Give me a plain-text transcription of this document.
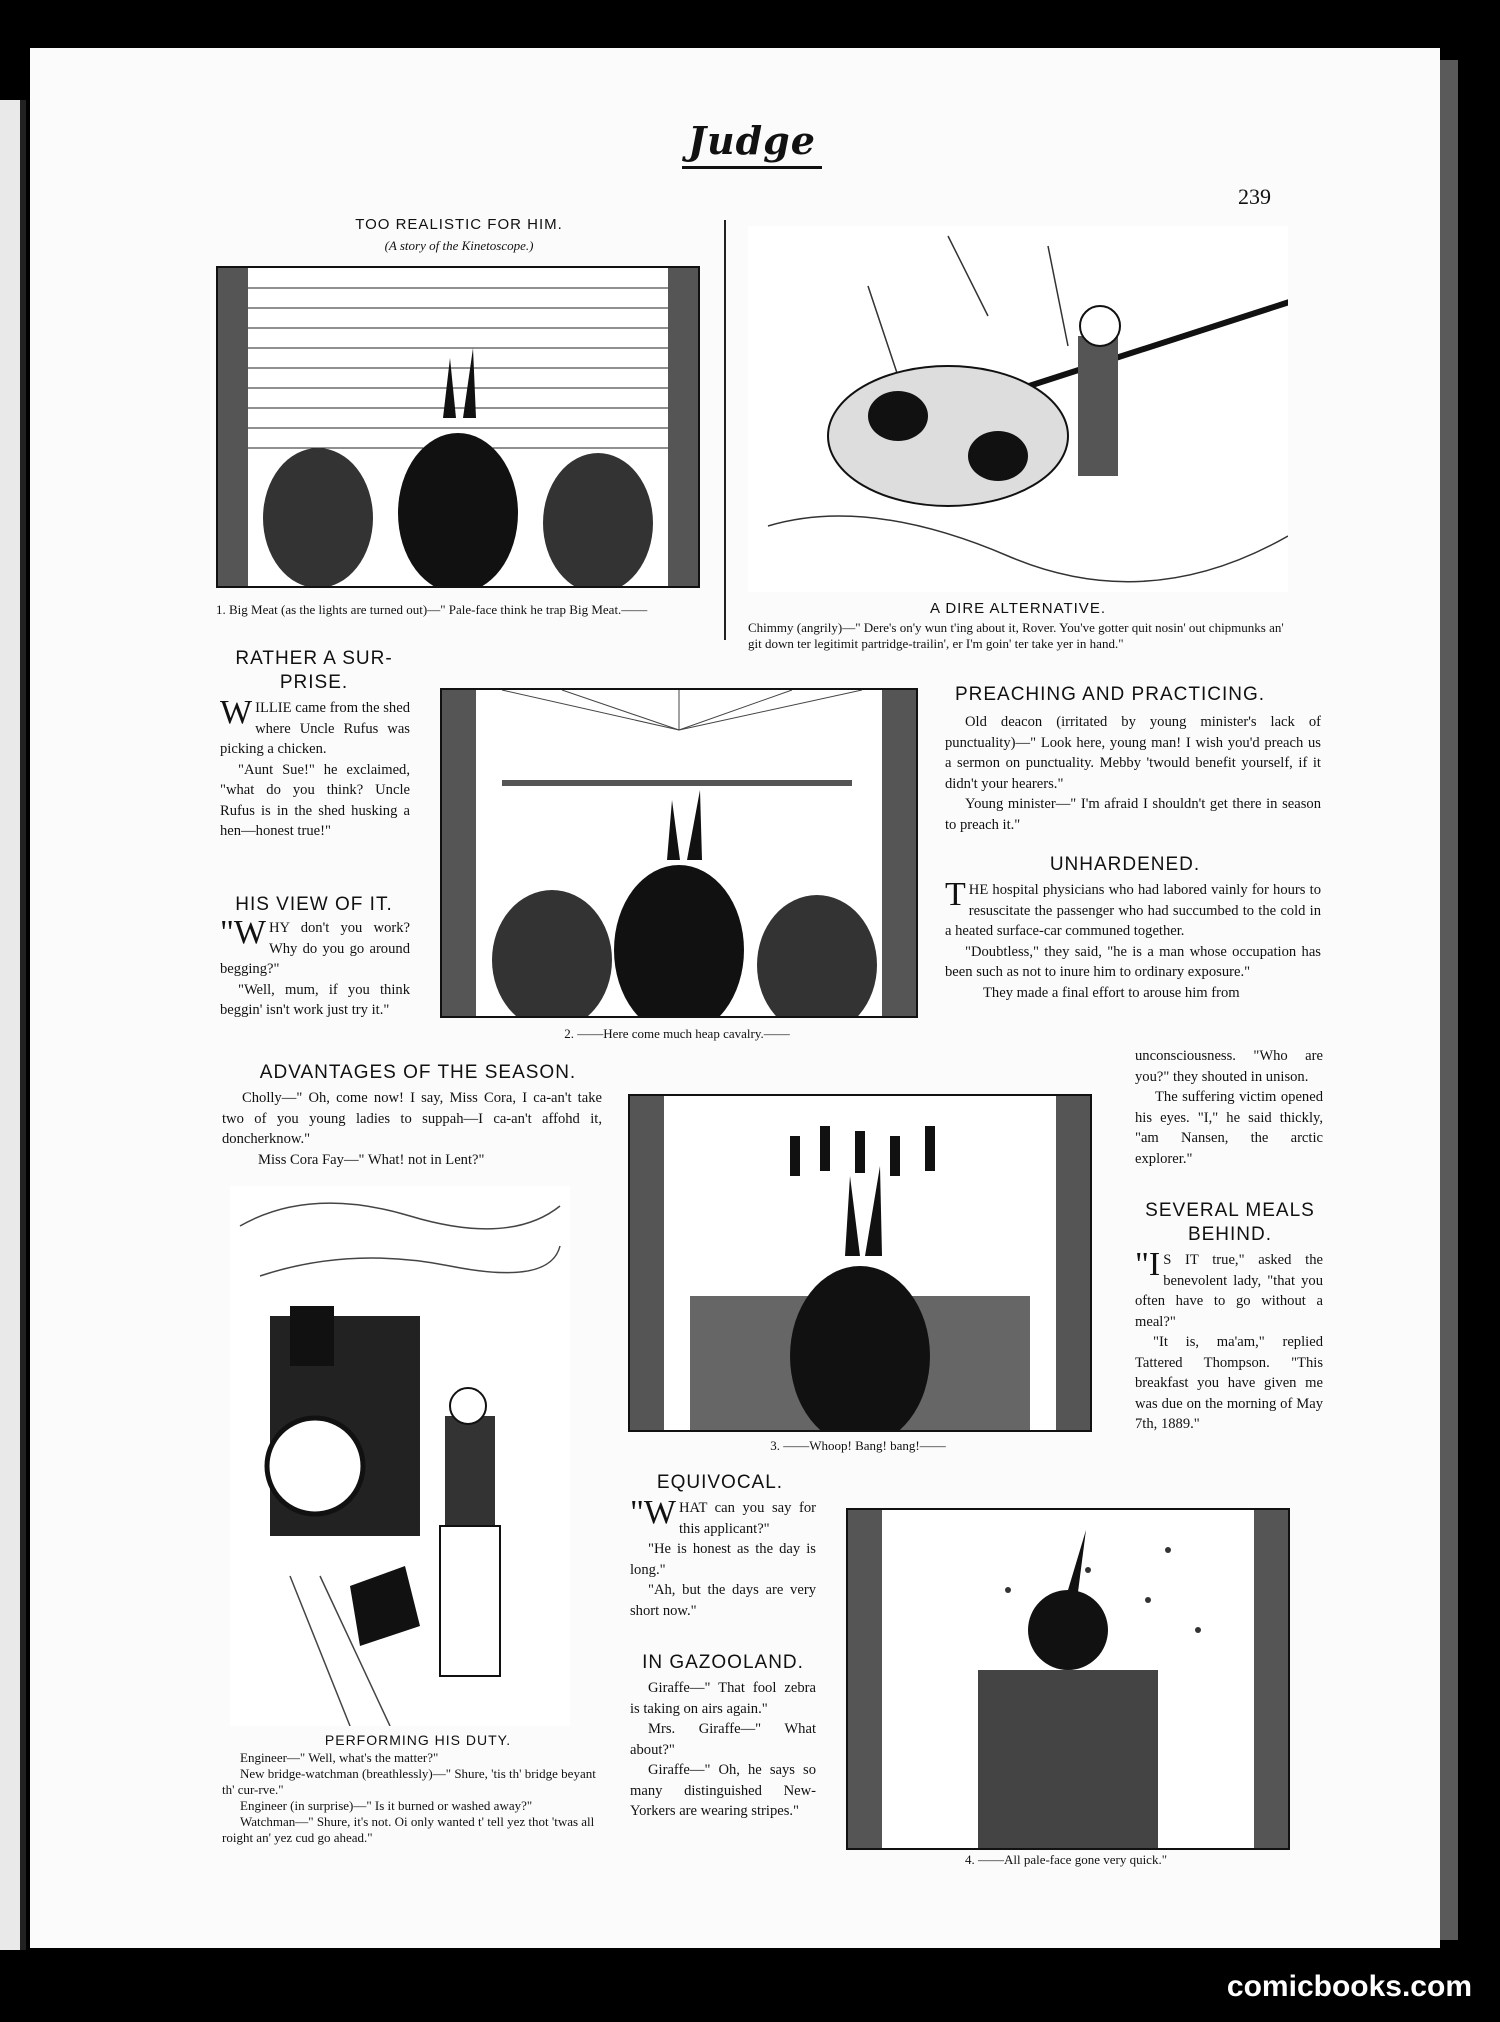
Judge
239
TOO REALISTIC FOR HIM.
(A story of the Kinetoscope.)
1. Big Meat (as the lights are turned out)—" Pale-face think he trap Big Meat.——	A DIRE ALTERNATIVE.
Chimmy (angrily)—" Dere's on'y wun t'ing about it, Rover. You've gotter quit nosin' out chipmunks an' git down ter legitimit partridge-trailin', er I'm goin' ter take yer in hand."
RATHER A SUR-
PRISE.

WILLIE came from the shed where Uncle Rufus was picking a chicken.

"Aunt Sue!" he exclaimed, "what do you think? Uncle Rufus is in the shed husking a hen—honest true!"

HIS VIEW OF IT.

"WHY don't you work? Why do you go around begging?"

"Well, mum, if you think beggin' isn't work just try it."

2. ——Here come much heap cavalry.——
PREACHING AND PRACTICING.

Old deacon (irritated by young minister's lack of punctuality)—" Look here, young man! I wish you'd preach us a sermon on punctuality. Mebby 'twould benefit yourself, if it didn't your hearers."

Young minister—" I'm afraid I shouldn't get there in season to preach it."

UNHARDENED.

THE hospital physicians who had labored vainly for hours to resuscitate the passenger who had succumbed to the cold in a heated surface-car communed together.

"Doubtless," they said, "he is a man whose occupation has been such as not to inure him to ordinary exposure."

They made a final effort to arouse him from

unconsciousness. "Who are you?" they shouted in unison.

The suffering victim opened his eyes. "I," he said thickly, "am Nansen, the arctic explorer."

ADVANTAGES OF THE SEASON.

Cholly—" Oh, come now! I say, Miss Cora, I ca-an't take two of you young ladies to suppah—I ca-an't affohd it, doncherknow."

Miss Cora Fay—" What! not in Lent?"

3. ——Whoop! Bang! bang!——
SEVERAL MEALS
BEHIND.

"I S IT true," asked the benevolent lady, "that you often have to go without a meal?"

"It is, ma'am," replied Tattered Thompson. "This breakfast you have given me was due on the morning of May 7th, 1889."

PERFORMING HIS DUTY.
Engineer—" Well, what's the matter?"
New bridge-watchman (breathlessly)—" Shure, 'tis th' bridge beyant th' cur-rve."
Engineer (in surprise)—" Is it burned or washed away?"
Watchman—" Shure, it's not. Oi only wanted t' tell yez thot 'twas all roight an' yez cud go ahead."
EQUIVOCAL.

"WHAT can you say for this applicant?"

"He is honest as the day is long."

"Ah, but the days are very short now."

IN GAZOOLAND.

Giraffe—" That fool zebra is taking on airs again."

Mrs. Giraffe—" What about?"

Giraffe—" Oh, he says so many distinguished New-Yorkers are wearing stripes."

4. ——All pale-face gone very quick."
comicbooks.com
